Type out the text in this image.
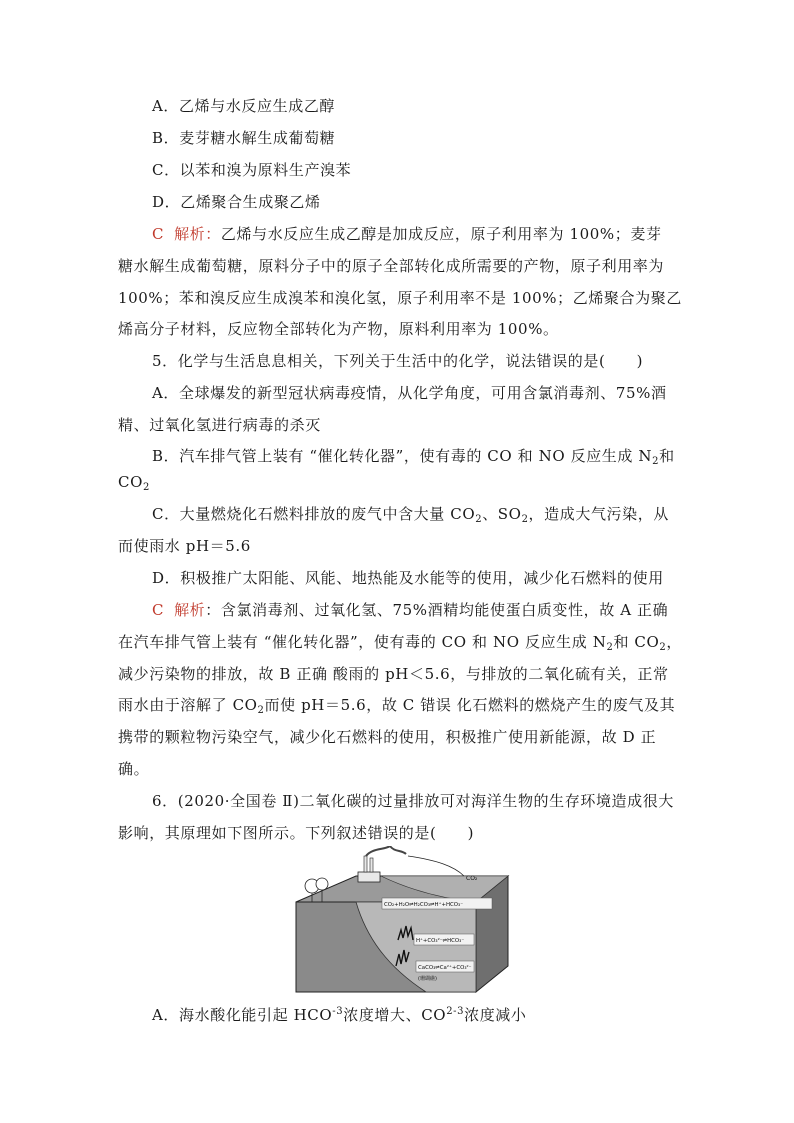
A．乙烯与水反应生成乙醇
B．麦芽糖水解生成葡萄糖
C．以苯和溴为原料生产溴苯
D．乙烯聚合生成聚乙烯
C 解析：乙烯与水反应生成乙醇是加成反应，原子利用率为 100%；麦芽
糖水解生成葡萄糖，原料分子中的原子全部转化成所需要的产物，原子利用率为
100%；苯和溴反应生成溴苯和溴化氢，原子利用率不是 100%；乙烯聚合为聚乙
烯高分子材料，反应物全部转化为产物，原料利用率为 100%。
5．化学与生活息息相关，下列关于生活中的化学，说法错误的是(　　)
A．全球爆发的新型冠状病毒疫情，从化学角度，可用含氯消毒剂、75%酒
精、过氧化氢进行病毒的杀灭
B．汽车排气管上装有 “催化转化器”，使有毒的 CO 和 NO 反应生成 $N_2$和
$CO_2$
C．大量燃烧化石燃料排放的废气中含大量 $CO_2$、$SO_2$，造成大气污染，从
而使雨水 pH＝5.6
D．积极推广太阳能、风能、地热能及水能等的使用，减少化石燃料的使用
C 解析：含氯消毒剂、过氧化氢、75%酒精均能使蛋白质变性，故 A 正确
在汽车排气管上装有 “催化转化器”，使有毒的 CO 和 NO 反应生成 $N_2$和 $CO_2$，
减少污染物的排放，故 B 正确 酸雨的 pH＜5.6，与排放的二氧化硫有关，正常
雨水由于溶解了 $CO_2$而使 pH＝5.6，故 C 错误 化石燃料的燃烧产生的废气及其
携带的颗粒物污染空气，减少化石燃料的使用，积极推广使用新能源，故 D 正
确。
6．(2020·全国卷 Ⅱ)二氧化碳的过量排放可对海洋生物的生存环境造成很大
影响，其原理如下图所示。下列叙述错误的是(　　)
CO₂
CO₂+H₂O⇌H₂CO₃⇌H⁺+HCO₃⁻
H⁺+CO₃²⁻⇌HCO₃⁻
CaCO₃⇌Ca²⁺+CO₃²⁻
(珊瑚礁)
A．海水酸化能引起 $HCO^{-3}$浓度增大、CO$^{2-3}$浓度减小
